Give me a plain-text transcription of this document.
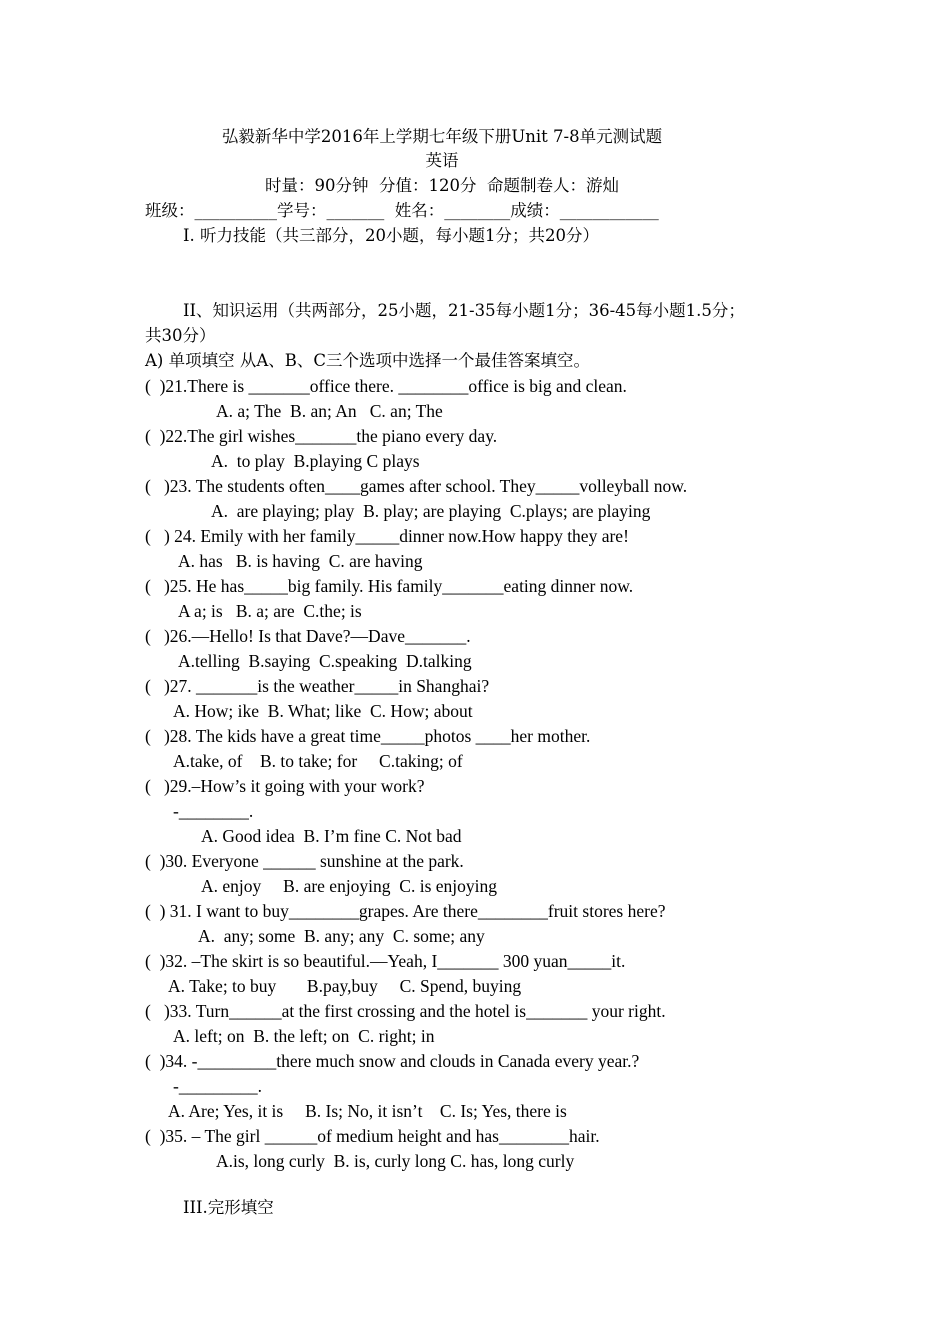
弘毅新华中学2016年上学期七年级下册Unit 7-8单元测试题
英语
时量：90分钟  分值：120分  命题制卷人：游灿
班级：__________学号：_______  姓名：________成绩：____________
I. 听力技能（共三部分，20小题，每小题1分；共20分）
II、知识运用（共两部分，25小题，21-35每小题1分；36-45每小题1.5分；
共30分）
A) 单项填空 从A、B、C三个选项中选择一个最佳答案填空。
(  )21.There is _______office there. ________office is big and clean.
A. a; The  B. an; An   C. an; The
(  )22.The girl wishes_______the piano every day.
A.  to play  B.playing C plays
(   )23. The students often____games after school. They_____volleyball now.
A.  are playing; play  B. play; are playing  C.plays; are playing
(   ) 24. Emily with her family_____dinner now.How happy they are!
A. has   B. is having  C. are having
(   )25. He has_____big family. His family_______eating dinner now.
A a; is   B. a; are  C.the; is
(   )26.—Hello! Is that Dave?—Dave_______.
A.telling  B.saying  C.speaking  D.talking
(   )27. _______is the weather_____in Shanghai?
A. How; ike  B. What; like  C. How; about
(   )28. The kids have a great time_____photos ____her mother.
A.take, of    B. to take; for     C.taking; of
(   )29.–How’s it going with your work?
-________.
A. Good idea  B. I’m fine C. Not bad
(  )30. Everyone ______ sunshine at the park.
A. enjoy     B. are enjoying  C. is enjoying
(  ) 31. I want to buy________grapes. Are there________fruit stores here?
A.  any; some  B. any; any  C. some; any
(  )32. –The skirt is so beautiful.—Yeah, I_______ 300 yuan_____it.
A. Take; to buy       B.pay,buy     C. Spend, buying
(   )33. Turn______at the first crossing and the hotel is_______ your right.
A. left; on  B. the left; on  C. right; in
(  )34. -_________there much snow and clouds in Canada every year.?
-_________.
A. Are; Yes, it is     B. Is; No, it isn’t    C. Is; Yes, there is
(  )35. – The girl ______of medium height and has________hair.
A.is, long curly  B. is, curly long C. has, long curly
III.完形填空
